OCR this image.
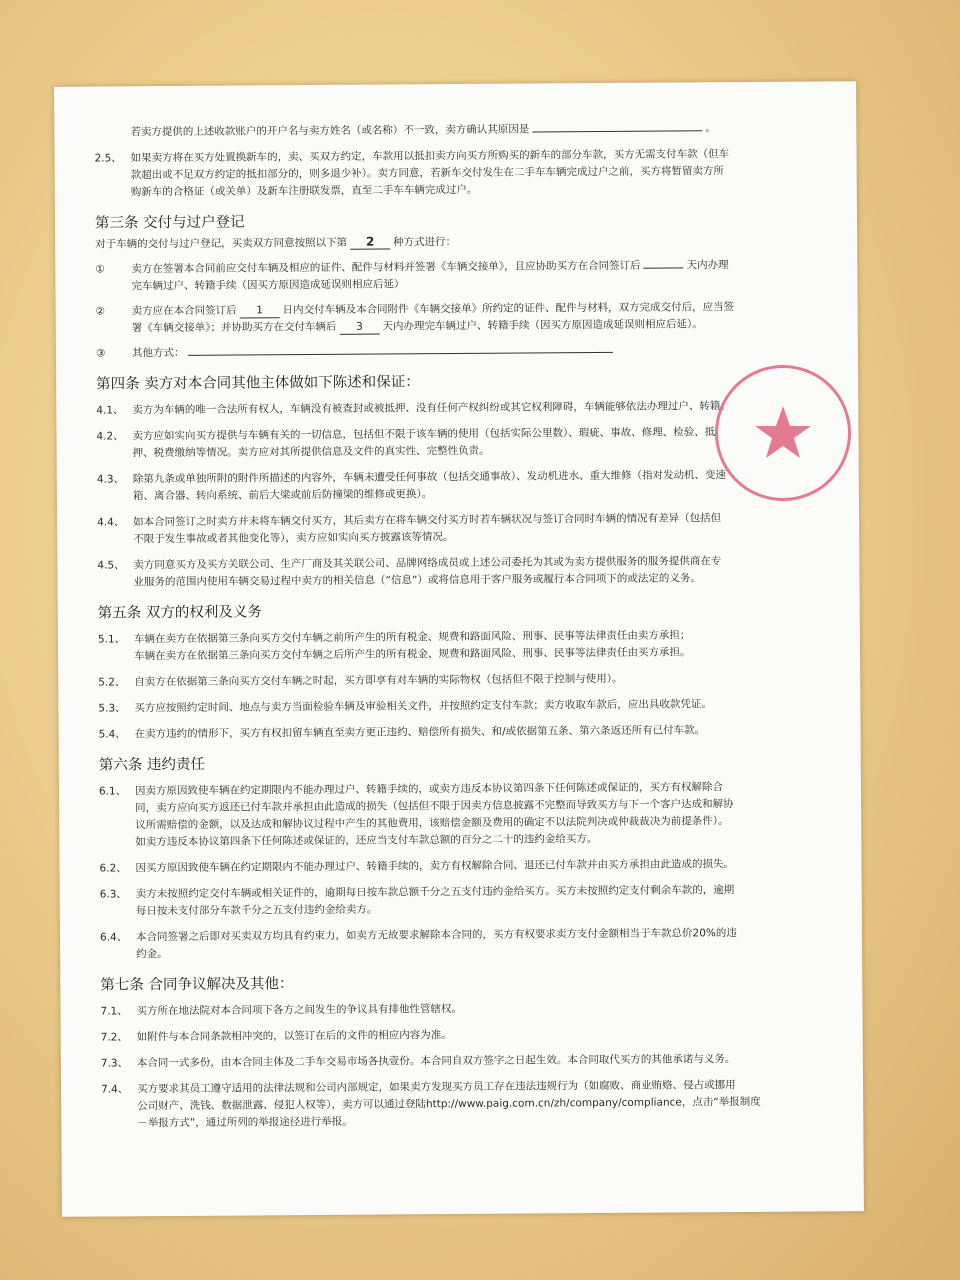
若卖方提供的上述收款账户的开户名与卖方姓名（或名称）不一致，卖方确认其原因是	。
2.5、 如果卖方将在买方处置换新车的，卖、买双方约定，车款用以抵扣卖方向买方所购买的新车的部分车款，买方无需支付车款（但车
款超出或不足双方约定的抵扣部分的，则多退少补）。卖方同意，若新车交付发生在二手车车辆完成过户之前，买方将暂留卖方所
购新车的合格证（或关单）及新车注册联发票，直至二手车车辆完成过户。
第三条 交付与过户登记
对于车辆的交付与过户登记，买卖双方同意按照以下第 2 种方式进行：
①	卖方在签署本合同前应交付车辆及相应的证件、配件与材料并签署《车辆交接单》，且应协助买方在合同签订后	天内办理
完车辆过户、转籍手续（因买方原因造成延误则相应后延）
②	卖方应在本合同签订后 1 日内交付车辆及本合同附件《车辆交接单》所约定的证件、配件与材料，双方完成交付后，应当签
署《车辆交接单》；并协助买方在交付车辆后 3 天内办理完车辆过户、转籍手续（因买方原因造成延误则相应后延）。
③	其他方式：
第四条 卖方对本合同其他主体做如下陈述和保证：
4.1、 卖方为车辆的唯一合法所有权人，车辆没有被查封或被抵押、没有任何产权纠纷或其它权利障碍，车辆能够依法办理过户、转籍。
4.2、 卖方应如实向买方提供与车辆有关的一切信息，包括但不限于该车辆的使用（包括实际公里数）、瑕疵、事故、修理、检验、抵
押、税费缴纳等情况。卖方应对其所提供信息及文件的真实性、完整性负责。
4.3、 除第九条或单独所附的附件所描述的内容外，车辆未遭受任何事故（包括交通事故）、发动机进水、重大维修（指对发动机、变速
箱、离合器、转向系统、前后大梁或前后防撞梁的维修或更换）。
4.4、 如本合同签订之时卖方并未将车辆交付买方，其后卖方在将车辆交付买方时若车辆状况与签订合同时车辆的情况有差异（包括但
不限于发生事故或者其他变化等），卖方应如实向买方披露该等情况。
4.5、 卖方同意买方及买方关联公司、生产厂商及其关联公司、品牌网络成员或上述公司委托为其或为卖方提供服务的服务提供商在专
业服务的范围内使用车辆交易过程中卖方的相关信息（“信息”）或将信息用于客户服务或履行本合同项下的或法定的义务。
第五条 双方的权利及义务
5.1、 车辆在卖方在依据第三条向买方交付车辆之前所产生的所有税金、规费和路面风险、刑事、民事等法律责任由卖方承担；
车辆在卖方在依据第三条向买方交付车辆之后所产生的所有税金、规费和路面风险、刑事、民事等法律责任由买方承担。
5.2、 自卖方在依据第三条向买方交付车辆之时起，买方即享有对车辆的实际物权（包括但不限于控制与使用）。
5.3、 买方应按照约定时间、地点与卖方当面检验车辆及审验相关文件，并按照约定支付车款；卖方收取车款后，应出具收款凭证。
5.4、 在卖方违约的情形下，买方有权扣留车辆直至卖方更正违约、赔偿所有损失、和/或依据第五条、第六条返还所有已付车款。
第六条 违约责任
6.1、 因卖方原因致使车辆在约定期限内不能办理过户、转籍手续的，或卖方违反本协议第四条下任何陈述或保证的，买方有权解除合
同，卖方应向买方返还已付车款并承担由此造成的损失（包括但不限于因卖方信息披露不完整而导致买方与下一个客户达成和解协
议所需赔偿的金额，以及达成和解协议过程中产生的其他费用，该赔偿金额及费用的确定不以法院判决或仲裁裁决为前提条件）。
如卖方违反本协议第四条下任何陈述或保证的，还应当支付车款总额的百分之二十的违约金给买方。
6.2、 因买方原因致使车辆在约定期限内不能办理过户、转籍手续的，卖方有权解除合同、退还已付车款并由买方承担由此造成的损失。
6.3、 卖方未按照约定交付车辆或相关证件的，逾期每日按车款总额千分之五支付违约金给买方。买方未按照约定支付剩余车款的，逾期
每日按未支付部分车款千分之五支付违约金给卖方。
6.4、 本合同签署之后即对买卖双方均具有约束力，如卖方无故要求解除本合同的，买方有权要求卖方支付金额相当于车款总价20%的违
约金。
第七条 合同争议解决及其他：
7.1、 买方所在地法院对本合同项下各方之间发生的争议具有排他性管辖权。
7.2、 如附件与本合同条款相冲突的，以签订在后的文件的相应内容为准。
7.3、 本合同一式多份，由本合同主体及二手车交易市场各执壹份。本合同自双方签字之日起生效。本合同取代买方的其他承诺与义务。
7.4、 买方要求其员工遵守适用的法律法规和公司内部规定，如果卖方发现买方员工存在违法违规行为（如腐败、商业贿赂、侵占或挪用
公司财产、洗钱、数据泄露、侵犯人权等），卖方可以通过登陆http://www.paig.com.cn/zh/company/compliance，点击“举报制度
－举报方式”，通过所列的举报途径进行举报。
